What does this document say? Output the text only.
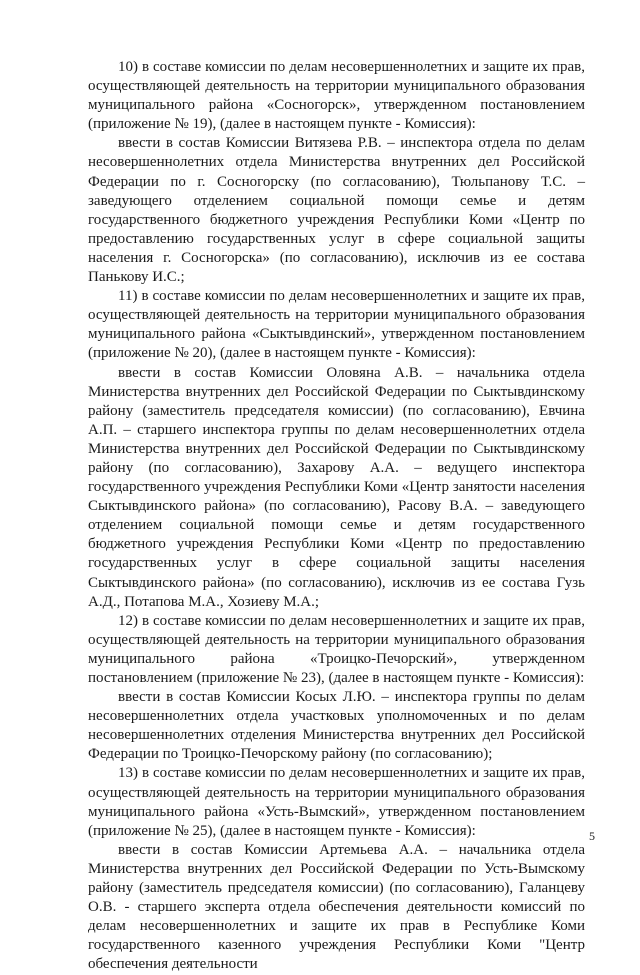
10) в составе комиссии по делам несовершеннолетних и защите их прав, осуществляющей деятельность на территории муниципального образования муниципального района «Сосногорск», утвержденном постановлением (приложение № 19), (далее в настоящем пункте - Комиссия):

ввести в состав Комиссии Витязева Р.В. – инспектора отдела по делам несовершеннолетних отдела Министерства внутренних дел Российской Федерации по г. Сосногорску (по согласованию), Тюльпанову Т.С. – заведующего отделением социальной помощи семье и детям государственного бюджетного учреждения Республики Коми «Центр по предоставлению государственных услуг в сфере социальной защиты населения г. Сосногорска» (по согласованию), исключив из ее состава Панькову И.С.;

11) в составе комиссии по делам несовершеннолетних и защите их прав, осуществляющей деятельность на территории муниципального образования муниципального района «Сыктывдинский», утвержденном постановлением (приложение № 20), (далее в настоящем пункте - Комиссия):

ввести в состав Комиссии Оловяна А.В. – начальника отдела Министерства внутренних дел Российской Федерации по Сыктывдинскому району (заместитель председателя комиссии) (по согласованию), Евчина А.П. – старшего инспектора группы по делам несовершеннолетних отдела Министерства внутренних дел Российской Федерации по Сыктывдинскому району (по согласованию), Захарову А.А. – ведущего инспектора государственного учреждения Республики Коми «Центр занятости населения Сыктывдинского района» (по согласованию), Расову В.А. – заведующего отделением социальной помощи семье и детям государственного бюджетного учреждения Республики Коми «Центр по предоставлению государственных услуг в сфере социальной защиты населения Сыктывдинского района» (по согласованию), исключив из ее состава Гузь А.Д., Потапова М.А., Хозиеву М.А.;

12) в составе комиссии по делам несовершеннолетних и защите их прав, осуществляющей деятельность на территории муниципального образования муниципального района «Троицко-Печорский», утвержденном постановлением (приложение № 23), (далее в настоящем пункте - Комиссия):

ввести в состав Комиссии Косых Л.Ю. – инспектора группы по делам несовершеннолетних отдела участковых уполномоченных и по делам несовершеннолетних отделения Министерства внутренних дел Российской Федерации по Троицко-Печорскому району (по согласованию);

13) в составе комиссии по делам несовершеннолетних и защите их прав, осуществляющей деятельность на территории муниципального образования муниципального района «Усть-Вымский», утвержденном постановлением (приложение № 25), (далее в настоящем пункте - Комиссия):

ввести в состав Комиссии Артемьева А.А. – начальника отдела Министерства внутренних дел Российской Федерации по Усть-Вымскому району (заместитель председателя комиссии) (по согласованию), Галанцеву О.В. - старшего эксперта отдела обеспечения деятельности комиссий по делам несовершеннолетних и защите их прав в Республике Коми государственного казенного учреждения Республики Коми "Центр обеспечения деятельности

5
